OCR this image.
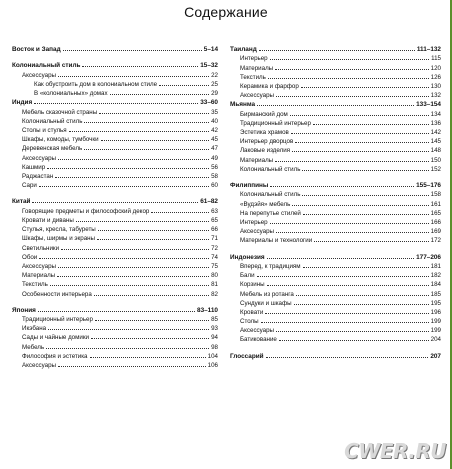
Содержание
Восток и Запад	5–14
Колониальный стиль	15–32
Аксессуары	22
Как обустроить дом в колониальном стиле	25
В «колониальных» домах	29
Индия	33–60
Мебель сказочной страны	35
Колониальный стиль	40
Столы и стулья	42
Шкафы, комоды, тумбочки	45
Деревенская мебель	47
Аксессуары	49
Кашмир	56
Раджастан	58
Сари	60
Китай	61–82
Говорящие предметы и философский декор	63
Кровати и диваны	65
Стулья, кресла, табуреты	66
Шкафы, ширмы и экраны	71
Светильники	72
Обои	74
Аксессуары	75
Материалы	80
Текстиль	81
Особенности интерьера	82
Япония	83–110
Традиционный интерьер	85
Икэбана	93
Сады и чайные домики	94
Мебель	98
Философия и эстетика	104
Аксессуары	106
Таиланд	111–132
Интерьер	115
Материалы	120
Текстиль	126
Керамика и фарфор	130
Аксессуары	132
Мьянма	133–154
Бирманский дом	134
Традиционный интерьер	136
Эстетика храмов	142
Интерьер дворцов	145
Лаковые изделия	148
Материалы	150
Колониальный стиль	152
Филиппины	155–176
Колониальный стиль	158
«Вудэйя» мебель	161
На перепутье стилей	165
Интерьер	166
Аксессуары	169
Материалы и технологии	172
Индонезия	177–206
Вперед, к традициям	181
Бали	182
Корзины	184
Мебель из ротанга	185
Сундуки и шкафы	195
Кровати	196
Столы	199
Аксессуары	199
Батикование	204
Глоссарий	207
CWER.RU
